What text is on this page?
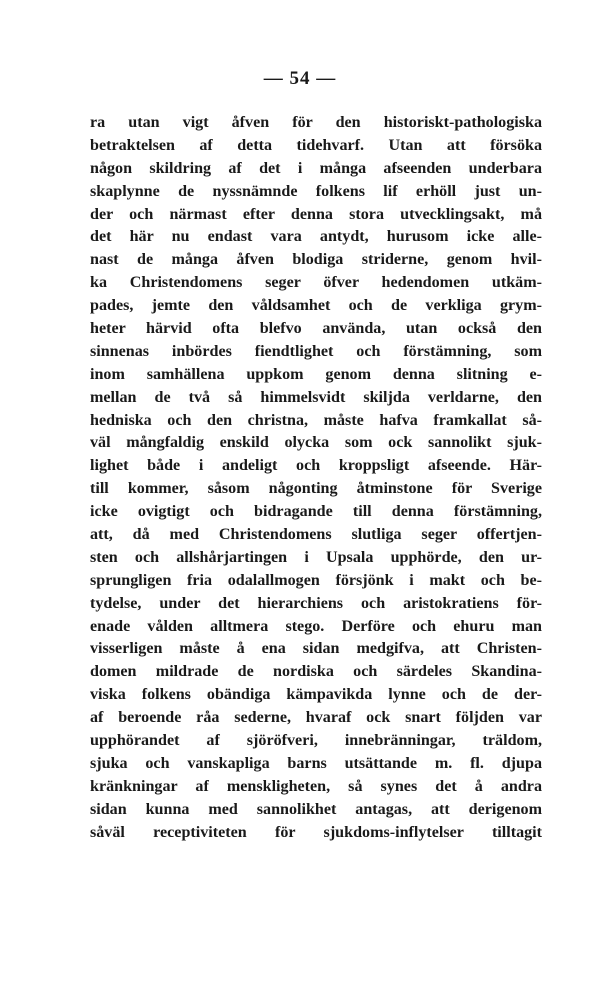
— 54 —
ra utan vigt åfven för den historiskt-pathologiska
betraktelsen af detta tidehvarf. Utan att försöka
någon skildring af det i många afseenden underbara
skaplynne de nyssnämnde folkens lif erhöll just un-
der och närmast efter denna stora utvecklingsakt, må
det här nu endast vara antydt, hurusom icke alle-
nast de många åfven blodiga striderne, genom hvil-
ka Christendomens seger öfver hedendomen utkäm-
pades, jemte den våldsamhet och de verkliga grym-
heter härvid ofta blefvo använda, utan också den
sinnenas inbördes fiendtlighet och förstämning, som
inom samhällena uppkom genom denna slitning e-
mellan de två så himmelsvidt skiljda verldarne, den
hedniska och den christna, måste hafva framkallat så-
väl mångfaldig enskild olycka som ock sannolikt sjuk-
lighet både i andeligt och kroppsligt afseende. Här-
till kommer, såsom någonting åtminstone för Sverige
icke ovigtigt och bidragande till denna förstämning,
att, då med Christendomens slutliga seger offertjen-
sten och allshårjartingen i Upsala upphörde, den ur-
sprungligen fria odalallmogen försjönk i makt och be-
tydelse, under det hierarchiens och aristokratiens för-
enade vålden alltmera stego. Derföre och ehuru man
visserligen måste å ena sidan medgifva, att Christen-
domen mildrade de nordiska och särdeles Skandina-
viska folkens obändiga kämpavikda lynne och de der-
af beroende råa sederne, hvaraf ock snart följden var
upphörandet af sjöröfveri, innebränningar, träldom,
sjuka och vanskapliga barns utsättande m. fl. djupa
kränkningar af menskligheten, så synes det å andra
sidan kunna med sannolikhet antagas, att derigenom
såväl receptiviteten för sjukdoms-inflytelser tilltagit
